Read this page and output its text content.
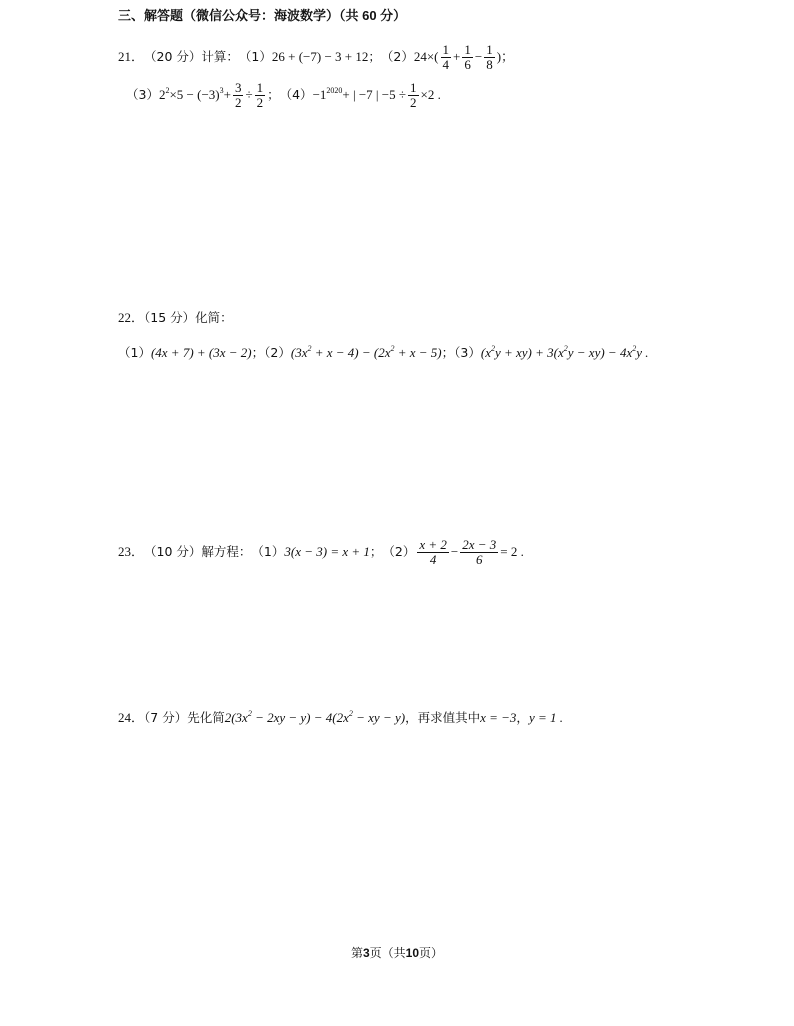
三、解答题（微信公众号：海波数学）（共 60 分）
21． （20 分） 计算： （1） 26 + (−7) − 3 + 12 ； （2） $24\times( \frac{1}{4} + \frac{1}{6} - \frac{1}{8}$ )；
（3） $2^2 \times 5 - (-3)^3 + \frac{3}{2} \div \frac{1}{2}$ ； $(4) -1^{2020}$ + | −7 | $-5 \div \frac{1}{2} \times 2$ .
22．（15 分）化简：
（1）(4x + 7) + (3x − 2)；$(2)(3x^2 + x - 4) - (2x^2 + x - 5)$；$(3)(x^2y + xy) + 3(x^2y - xy) - 4x^2y$ .
23． （10 分） 解方程： （1） 3(x − 3) = x + 1 ； $(2) \frac{x + 2}{4} - \frac{2x - 3}{6} = 2$ .
24．（7 分）先化简$2(3x^2 - 2xy - y) - 4(2x^2$ − xy − y)，再求值其中x = −3，y = 1 .
第3页（共10页）
